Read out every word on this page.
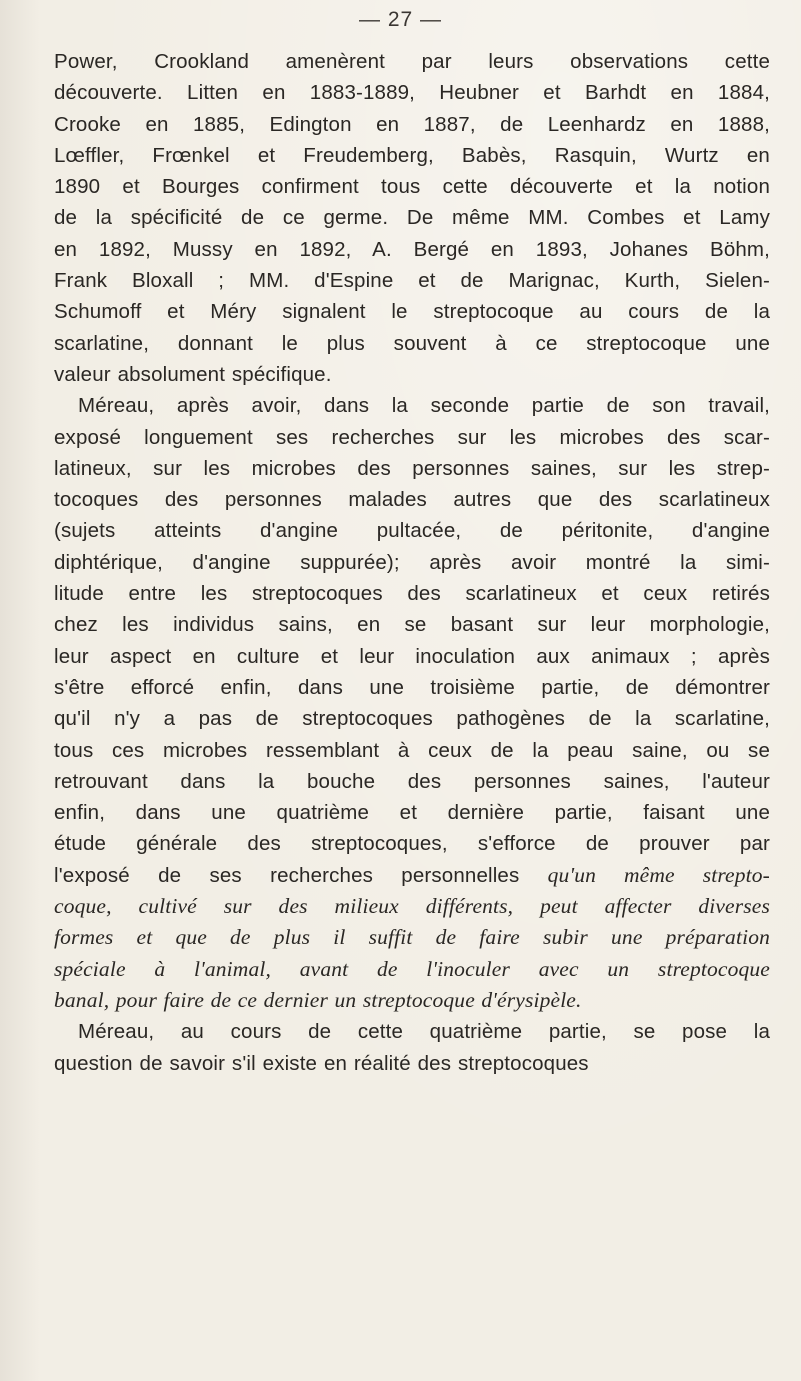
— 27 —
Power, Crookland amenèrent par leurs observations cette
découverte. Litten en 1883-1889, Heubner et Barhdt en 1884,
Crooke en 1885, Edington en 1887, de Leenhardz en 1888,
Lœffler, Frœnkel et Freudemberg, Babès, Rasquin, Wurtz en
1890 et Bourges confirment tous cette découverte et la notion
de la spécificité de ce germe. De même MM. Combes et Lamy
en 1892, Mussy en 1892, A. Bergé en 1893, Johanes Böhm,
Frank Bloxall ; MM. d'Espine et de Marignac, Kurth, Sielen-
Schumoff et Méry signalent le streptocoque au cours de la
scarlatine, donnant le plus souvent à ce streptocoque une
valeur absolument spécifique.
Méreau, après avoir, dans la seconde partie de son travail,
exposé longuement ses recherches sur les microbes des scar-
latineux, sur les microbes des personnes saines, sur les strep-
tocoques des personnes malades autres que des scarlatineux
(sujets atteints d'angine pultacée, de péritonite, d'angine
diphtérique, d'angine suppurée); après avoir montré la simi-
litude entre les streptocoques des scarlatineux et ceux retirés
chez les individus sains, en se basant sur leur morphologie,
leur aspect en culture et leur inoculation aux animaux ; après
s'être efforcé enfin, dans une troisième partie, de démontrer
qu'il n'y a pas de streptocoques pathogènes de la scarlatine,
tous ces microbes ressemblant à ceux de la peau saine, ou se
retrouvant dans la bouche des personnes saines, l'auteur
enfin, dans une quatrième et dernière partie, faisant une
étude générale des streptocoques, s'efforce de prouver par
l'exposé de ses recherches personnelles qu'un même strepto-
coque, cultivé sur des milieux différents, peut affecter diverses
formes et que de plus il suffit de faire subir une préparation
spéciale à l'animal, avant de l'inoculer avec un streptocoque
banal, pour faire de ce dernier un streptocoque d'érysipèle.
Méreau, au cours de cette quatrième partie, se pose la
question de savoir s'il existe en réalité des streptocoques
